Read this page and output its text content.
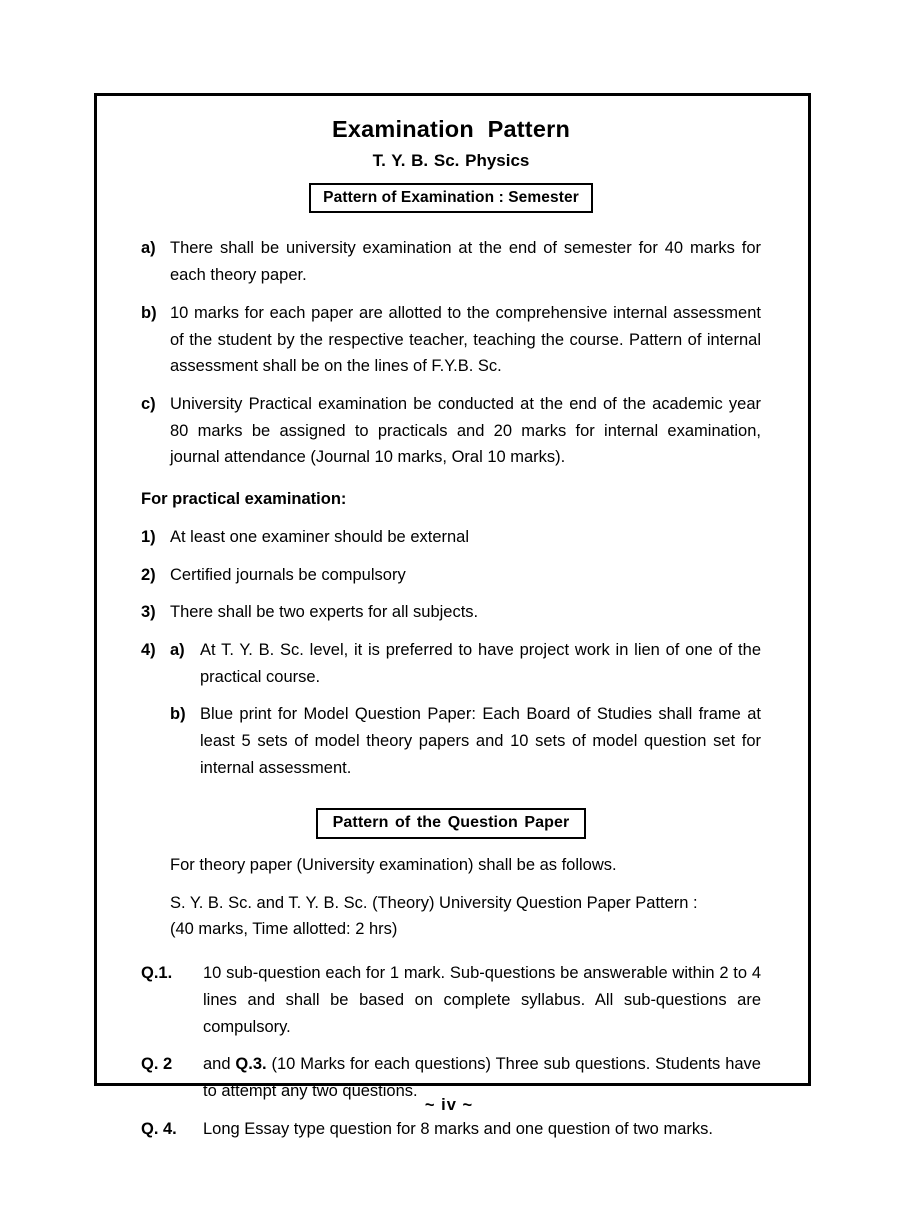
Examination Pattern
T. Y. B. Sc. Physics
Pattern of Examination : Semester
a) There shall be university examination at the end of semester for 40 marks for each theory paper.
b) 10 marks for each paper are allotted to the comprehensive internal assessment of the student by the respective teacher, teaching the course. Pattern of internal assessment shall be on the lines of F.Y.B. Sc.
c) University Practical examination be conducted at the end of the academic year 80 marks be assigned to practicals and 20 marks for internal examination, journal attendance (Journal 10 marks, Oral 10 marks).
For practical examination:
1) At least one examiner should be external
2) Certified journals be compulsory
3) There shall be two experts for all subjects.
4) a) At T. Y. B. Sc. level, it is preferred to have project work in lien of one of the practical course.
b) Blue print for Model Question Paper: Each Board of Studies shall frame at least 5 sets of model theory papers and 10 sets of model question set for internal assessment.
Pattern of the Question Paper
For theory paper (University examination) shall be as follows.
S. Y. B. Sc. and T. Y. B. Sc. (Theory) University Question Paper Pattern :
(40 marks, Time allotted: 2 hrs)
Q.1.	10 sub-question each for 1 mark. Sub-questions be answerable within 2 to 4 lines and shall be based on complete syllabus. All sub-questions are compulsory.
Q. 2	and Q.3. (10 Marks for each questions) Three sub questions. Students have to attempt any two questions.
Q. 4.	Long Essay type question for 8 marks and one question of two marks.
~ iv ~
